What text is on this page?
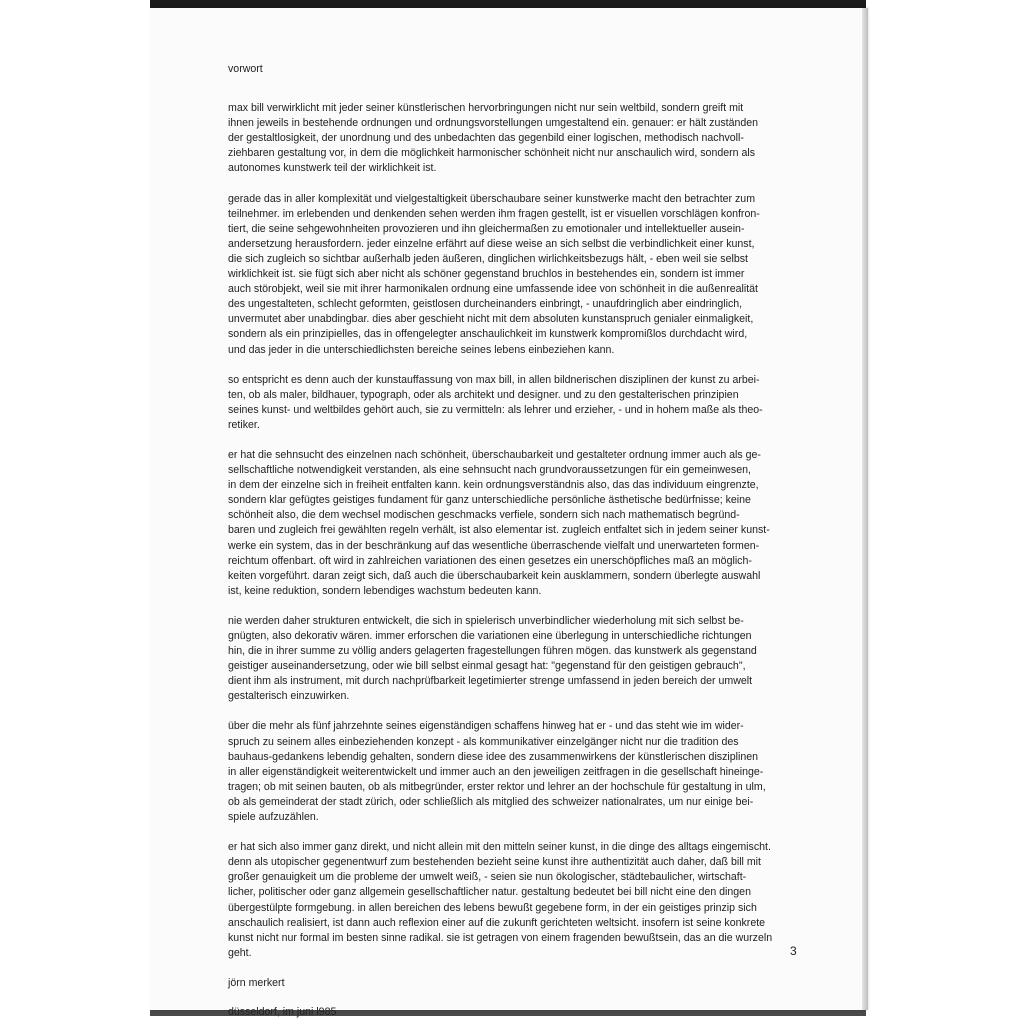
vorwort
max bill verwirklicht mit jeder seiner künstlerischen hervorbringungen nicht nur sein weltbild, sondern greift mit
ihnen jeweils in bestehende ordnungen und ordnungsvorstellungen umgestaltend ein. genauer: er hält zuständen
der gestaltlosigkeit, der unordnung und des unbedachten das gegenbild einer logischen, methodisch nachvoll-
ziehbaren gestaltung vor, in dem die möglichkeit harmonischer schönheit nicht nur anschaulich wird, sondern als
autonomes kunstwerk teil der wirklichkeit ist.
gerade das in aller komplexität und vielgestaltigkeit überschaubare seiner kunstwerke macht den betrachter zum
teilnehmer. im erlebenden und denkenden sehen werden ihm fragen gestellt, ist er visuellen vorschlägen konfron-
tiert, die seine sehgewohnheiten provozieren und ihn gleichermaßen zu emotionaler und intellektueller ausein-
andersetzung herausfordern. jeder einzelne erfährt auf diese weise an sich selbst die verbindlichkeit einer kunst,
die sich zugleich so sichtbar außerhalb jeden äußeren, dinglichen wirlichkeitsbezugs hält, - eben weil sie selbst
wirklichkeit ist. sie fügt sich aber nicht als schöner gegenstand bruchlos in bestehendes ein, sondern ist immer
auch störobjekt, weil sie mit ihrer harmonikalen ordnung eine umfassende idee von schönheit in die außenrealität
des ungestalteten, schlecht geformten, geistlosen durcheinanders einbringt, - unaufdringlich aber eindringlich,
unvermutet aber unabdingbar. dies aber geschieht nicht mit dem absoluten kunstanspruch genialer einmaligkeit,
sondern als ein prinzipielles, das in offengelegter anschaulichkeit im kunstwerk kompromißlos durchdacht wird,
und das jeder in die unterschiedlichsten bereiche seines lebens einbeziehen kann.
so entspricht es denn auch der kunstauffassung von max bill, in allen bildnerischen disziplinen der kunst zu arbei-
ten, ob als maler, bildhauer, typograph, oder als architekt und designer. und zu den gestalterischen prinzipien
seines kunst- und weltbildes gehört auch, sie zu vermitteln: als lehrer und erzieher, - und in hohem maße als theo-
retiker.
er hat die sehnsucht des einzelnen nach schönheit, überschaubarkeit und gestalteter ordnung immer auch als ge-
sellschaftliche notwendigkeit verstanden, als eine sehnsucht nach grundvoraussetzungen für ein gemeinwesen,
in dem der einzelne sich in freiheit entfalten kann. kein ordnungsverständnis also, das das individuum eingrenzte,
sondern klar gefügtes geistiges fundament für ganz unterschiedliche persönliche ästhetische bedürfnisse; keine
schönheit also, die dem wechsel modischen geschmacks verfiele, sondern sich nach mathematisch begründ-
baren und zugleich frei gewählten regeln verhält, ist also elementar ist. zugleich entfaltet sich in jedem seiner kunst-
werke ein system, das in der beschränkung auf das wesentliche überraschende vielfalt und unerwarteten formen-
reichtum offenbart. oft wird in zahlreichen variationen des einen gesetzes ein unerschöpfliches maß an möglich-
keiten vorgeführt. daran zeigt sich, daß auch die überschaubarkeit kein ausklammern, sondern überlegte auswahl
ist, keine reduktion, sondern lebendiges wachstum bedeuten kann.
nie werden daher strukturen entwickelt, die sich in spielerisch unverbindlicher wiederholung mit sich selbst be-
gnügten, also dekorativ wären. immer erforschen die variationen eine überlegung in unterschiedliche richtungen
hin, die in ihrer summe zu völlig anders gelagerten fragestellungen führen mögen. das kunstwerk als gegenstand
geistiger auseinandersetzung, oder wie bill selbst einmal gesagt hat: "gegenstand für den geistigen gebrauch",
dient ihm als instrument, mit durch nachprüfbarkeit legetimierter strenge umfassend in jeden bereich der umwelt
gestalterisch einzuwirken.
über die mehr als fünf jahrzehnte seines eigenständigen schaffens hinweg hat er - und das steht wie im wider-
spruch zu seinem alles einbeziehenden konzept - als kommunikativer einzelgänger nicht nur die tradition des
bauhaus-gedankens lebendig gehalten, sondern diese idee des zusammenwirkens der künstlerischen disziplinen
in aller eigenständigkeit weiterentwickelt und immer auch an den jeweiligen zeitfragen in die gesellschaft hineinge-
tragen; ob mit seinen bauten, ob als mitbegründer, erster rektor und lehrer an der hochschule für gestaltung in ulm,
ob als gemeinderat der stadt zürich, oder schließlich als mitglied des schweizer nationalrates, um nur einige bei-
spiele aufzuzählen.
er hat sich also immer ganz direkt, und nicht allein mit den mitteln seiner kunst, in die dinge des alltags eingemischt.
denn als utopischer gegenentwurf zum bestehenden bezieht seine kunst ihre authentizität auch daher, daß bill mit
großer genauigkeit um die probleme der umwelt weiß, - seien sie nun ökologischer, städtebaulicher, wirtschaft-
licher, politischer oder ganz allgemein gesellschaftlicher natur. gestaltung bedeutet bei bill nicht eine den dingen
übergestülpte formgebung. in allen bereichen des lebens bewußt gegebene form, in der ein geistiges prinzip sich
anschaulich realisiert, ist dann auch reflexion einer auf die zukunft gerichteten weltsicht. insofern ist seine konkrete
kunst nicht nur formal im besten sinne radikal. sie ist getragen von einem fragenden bewußtsein, das an die wurzeln
geht.
jörn merkert
düsseldorf, im juni l985
3
